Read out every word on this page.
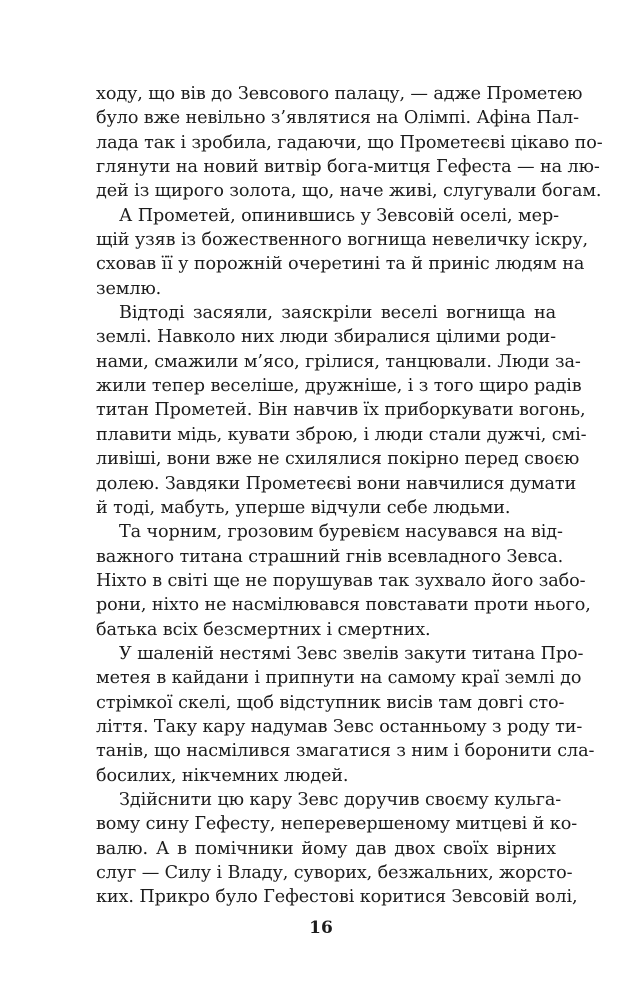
ходу, що вів до Зевсового палацу, — адже Прометею
було вже невільно з’являтися на Олімпі. Афіна Пал-
лада так і зробила, гадаючи, що Прометеєві цікаво по-
глянути на новий витвір бога-митця Гефеста — на лю-
дей із щирого золота, що, наче живі, слугували богам.
А Прометей, опинившись у Зевсовій оселі, мер-
щій узяв із божественного вогнища невеличку іскру,
сховав її у порожній очеретині та й приніс людям на
землю.
Відтоді засяяли, заяскріли веселі вогнища на
землі. Навколо них люди збиралися цілими роди-
нами, смажили м’ясо, грілися, танцювали. Люди за-
жили тепер веселіше, дружніше, і з того щиро радів
титан Прометей. Він навчив їх приборкувати вогонь,
плавити мідь, кувати зброю, і люди стали дужчі, смі-
ливіші, вони вже не схилялися покірно перед своєю
долею. Завдяки Прометеєві вони навчилися думати
й тоді, мабуть, уперше відчули себе людьми.
Та чорним, грозовим буревієм насувався на від-
важного титана страшний гнів всевладного Зевса.
Ніхто в світі ще не порушував так зухвало його забо-
рони, ніхто не насмілювався повставати проти нього,
батька всіх безсмертних і смертних.
У шаленій нестямі Зевс звелів закути титана Про-
метея в кайдани і припнути на самому краї землі до
стрімкої скелі, щоб відступник висів там довгі сто-
ліття. Таку кару надумав Зевс останньому з роду ти-
танів, що насмілився змагатися з ним і боронити сла-
босилих, нікчемних людей.
Здійснити цю кару Зевс доручив своєму кульга-
вому сину Гефесту, неперевершеному митцеві й ко-
валю. А в помічники йому дав двох своїх вірних
слуг — Силу і Владу, суворих, безжальних, жорсто-
ких. Прикро було Гефестові коритися Зевсовій волі,
16
